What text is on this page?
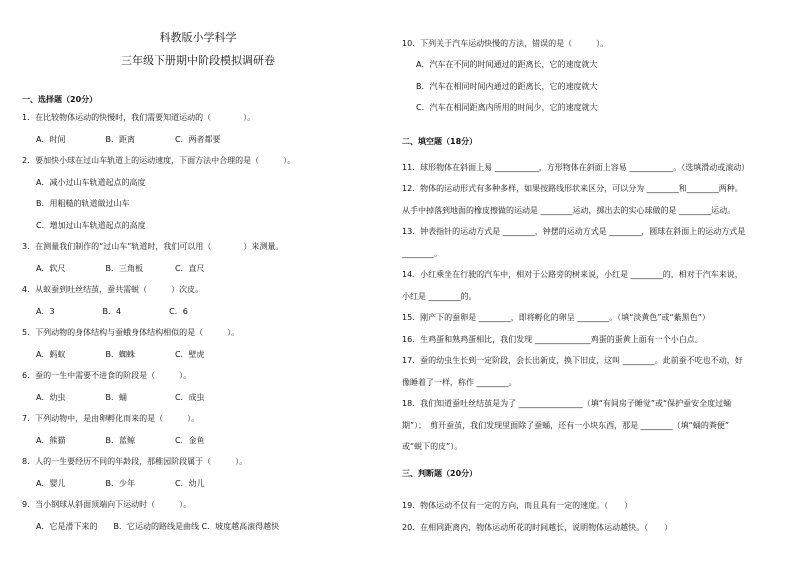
科教版小学科学
三年级下册期中阶段模拟调研卷
一、选择题（20分）
1．在比较物体运动的快慢时，我们需要知道运动的（　　　　）。
A．时间　　　　　B．距离　　　　　C．两者都要
2．要加快小球在过山车轨道上的运动速度，下面方法中合理的是（　　　）。
A．减小过山车轨道起点的高度
B．用粗糙的轨道做过山车
C．增加过山车轨道起点的高度
3．在测量我们制作的“过山车”轨道时，我们可以用（　　　　）来测量。
A．软尺　　　　　B．三角板　　　　C．直尺
4．从蚁蚕到吐丝结茧，蚕共需蜕（　　　）次皮。
A．3　　　　　　B．4　　　　　　C．6
5．下列动物的身体结构与蚕蛾身体结构相似的是（　　　）。
A．蚂蚁　　　　　B．蜘蛛　　　　　C．壁虎
6．蚕的一生中需要不进食的阶段是（　　　）。
A．幼虫　　　　　B．蛹　　　　　　C．成虫
7．下列动物中，是由卵孵化而来的是（　　　）。
A．熊猫　　　　　B．蓝鲸　　　　　C．金鱼
8．人的一生要经历不同的年龄段，那稚园阶段属于（　　　）。
A．婴儿　　　　　B．少年　　　　　C．幼儿
9．当小钢球从斜面顶端向下运动时（　　　）。
A．它是滑下来的　　B．它运动的路线是曲线 C．坡度越高滚得越快
二、填空题（18分）
三、判断题（20分）
10．下列关于汽车运动快慢的方法，错误的是（　　　）。
A．汽车在不同的时间通过的距离长，它的速度就大
B．汽车在相同时间内通过的距离长，它的速度就大
C．汽车在相同距离内所用的时间少，它的速度就大
11．球形物体在斜面上易 ___________，方形物体在斜面上容易 ___________。（选填滑动或滚动）
12．物体的运动形式有多种多样，如果按路线形状来区分，可以分为 ________和________两种。
从手中掉落到地面的橡皮擦做的运动是 ________运动，掷出去的实心球做的是 ________运动。
13．钟表指针的运动方式是 ________，钟摆的运动方式是 ________，圆球在斜面上的运动方式是
________。
14．小红乘坐在行驶的汽车中，相对于公路旁的树来说，小红是 ________的，相对于汽车来说，
小红是 ________的。
15．刚产下的蚕卵是 ________，即将孵化的卵呈 ________。（填“淡黄色”或“紫黑色”）
16．生鸡蛋和熟鸡蛋相比，我们发现 ______________鸡蛋的蛋黄上面有一个小白点。
17．蚕的幼虫生长到一定阶段，会长出新皮，换下旧皮，这叫 ________。此前蚕不吃也不动，好
像睡着了一样，称作 ________。
18．我们知道蚕吐丝结茧是为了 ________________（填“有间房子睡觉”或“保护蚕安全度过蛹
期”）；　剪开蚕茧，我们发现里面除了蚕蛹，还有一小块东西，那是 ________（填“蛹的粪便”
或“蜕下的皮”）。
19．物体运动不仅有一定的方向，而且具有一定的速度。（　　）
20．在相同距离内，物体运动所花的时间越长，说明物体运动越快。（　　）
